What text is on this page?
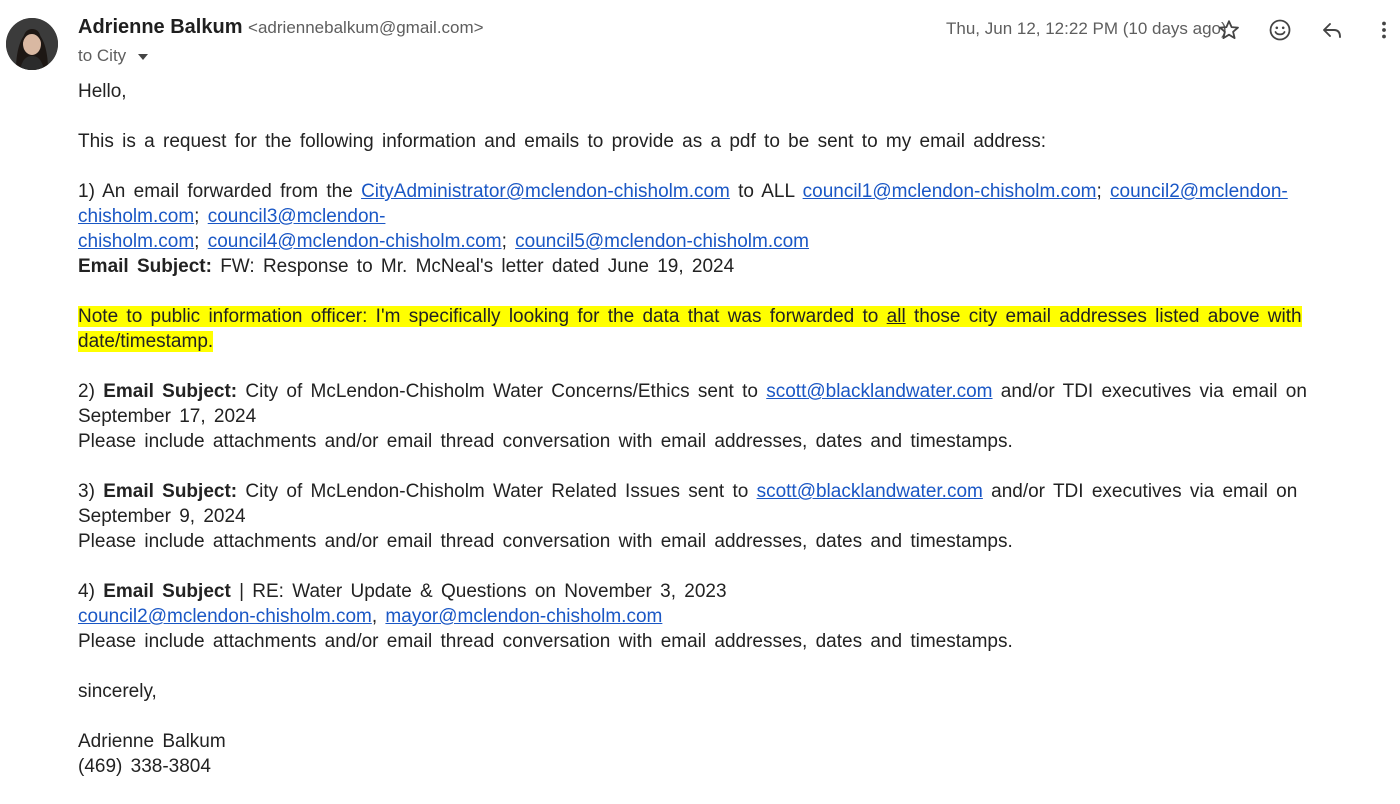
Adrienne Balkum <adriennebalkum@gmail.com>
to City
Thu, Jun 12, 12:22 PM (10 days ago)

Hello,

This is a request for the following information and emails to provide as a pdf to be sent to my email address:

1) An email forwarded from the CityAdministrator@mclendon-chisholm.com to ALL council1@mclendon-chisholm.com; council2@mclendon-chisholm.com; council3@mclendon-
chisholm.com; council4@mclendon-chisholm.com; council5@mclendon-chisholm.com
Email Subject: FW: Response to Mr. McNeal's letter dated June 19, 2024

Note to public information officer: I'm specifically looking for the data that was forwarded to all those city email addresses listed above with date/timestamp.

2) Email Subject: City of McLendon-Chisholm Water Concerns/Ethics sent to scott@blacklandwater.com and/or TDI executives via email on September 17, 2024
Please include attachments and/or email thread conversation with email addresses, dates and timestamps.

3) Email Subject: City of McLendon-Chisholm Water Related Issues sent to scott@blacklandwater.com and/or TDI executives via email on September 9, 2024
Please include attachments and/or email thread conversation with email addresses, dates and timestamps.

4) Email Subject | RE: Water Update & Questions on November 3, 2023
council2@mclendon-chisholm.com, mayor@mclendon-chisholm.com
Please include attachments and/or email thread conversation with email addresses, dates and timestamps.

sincerely,

Adrienne Balkum
(469) 338-3804
